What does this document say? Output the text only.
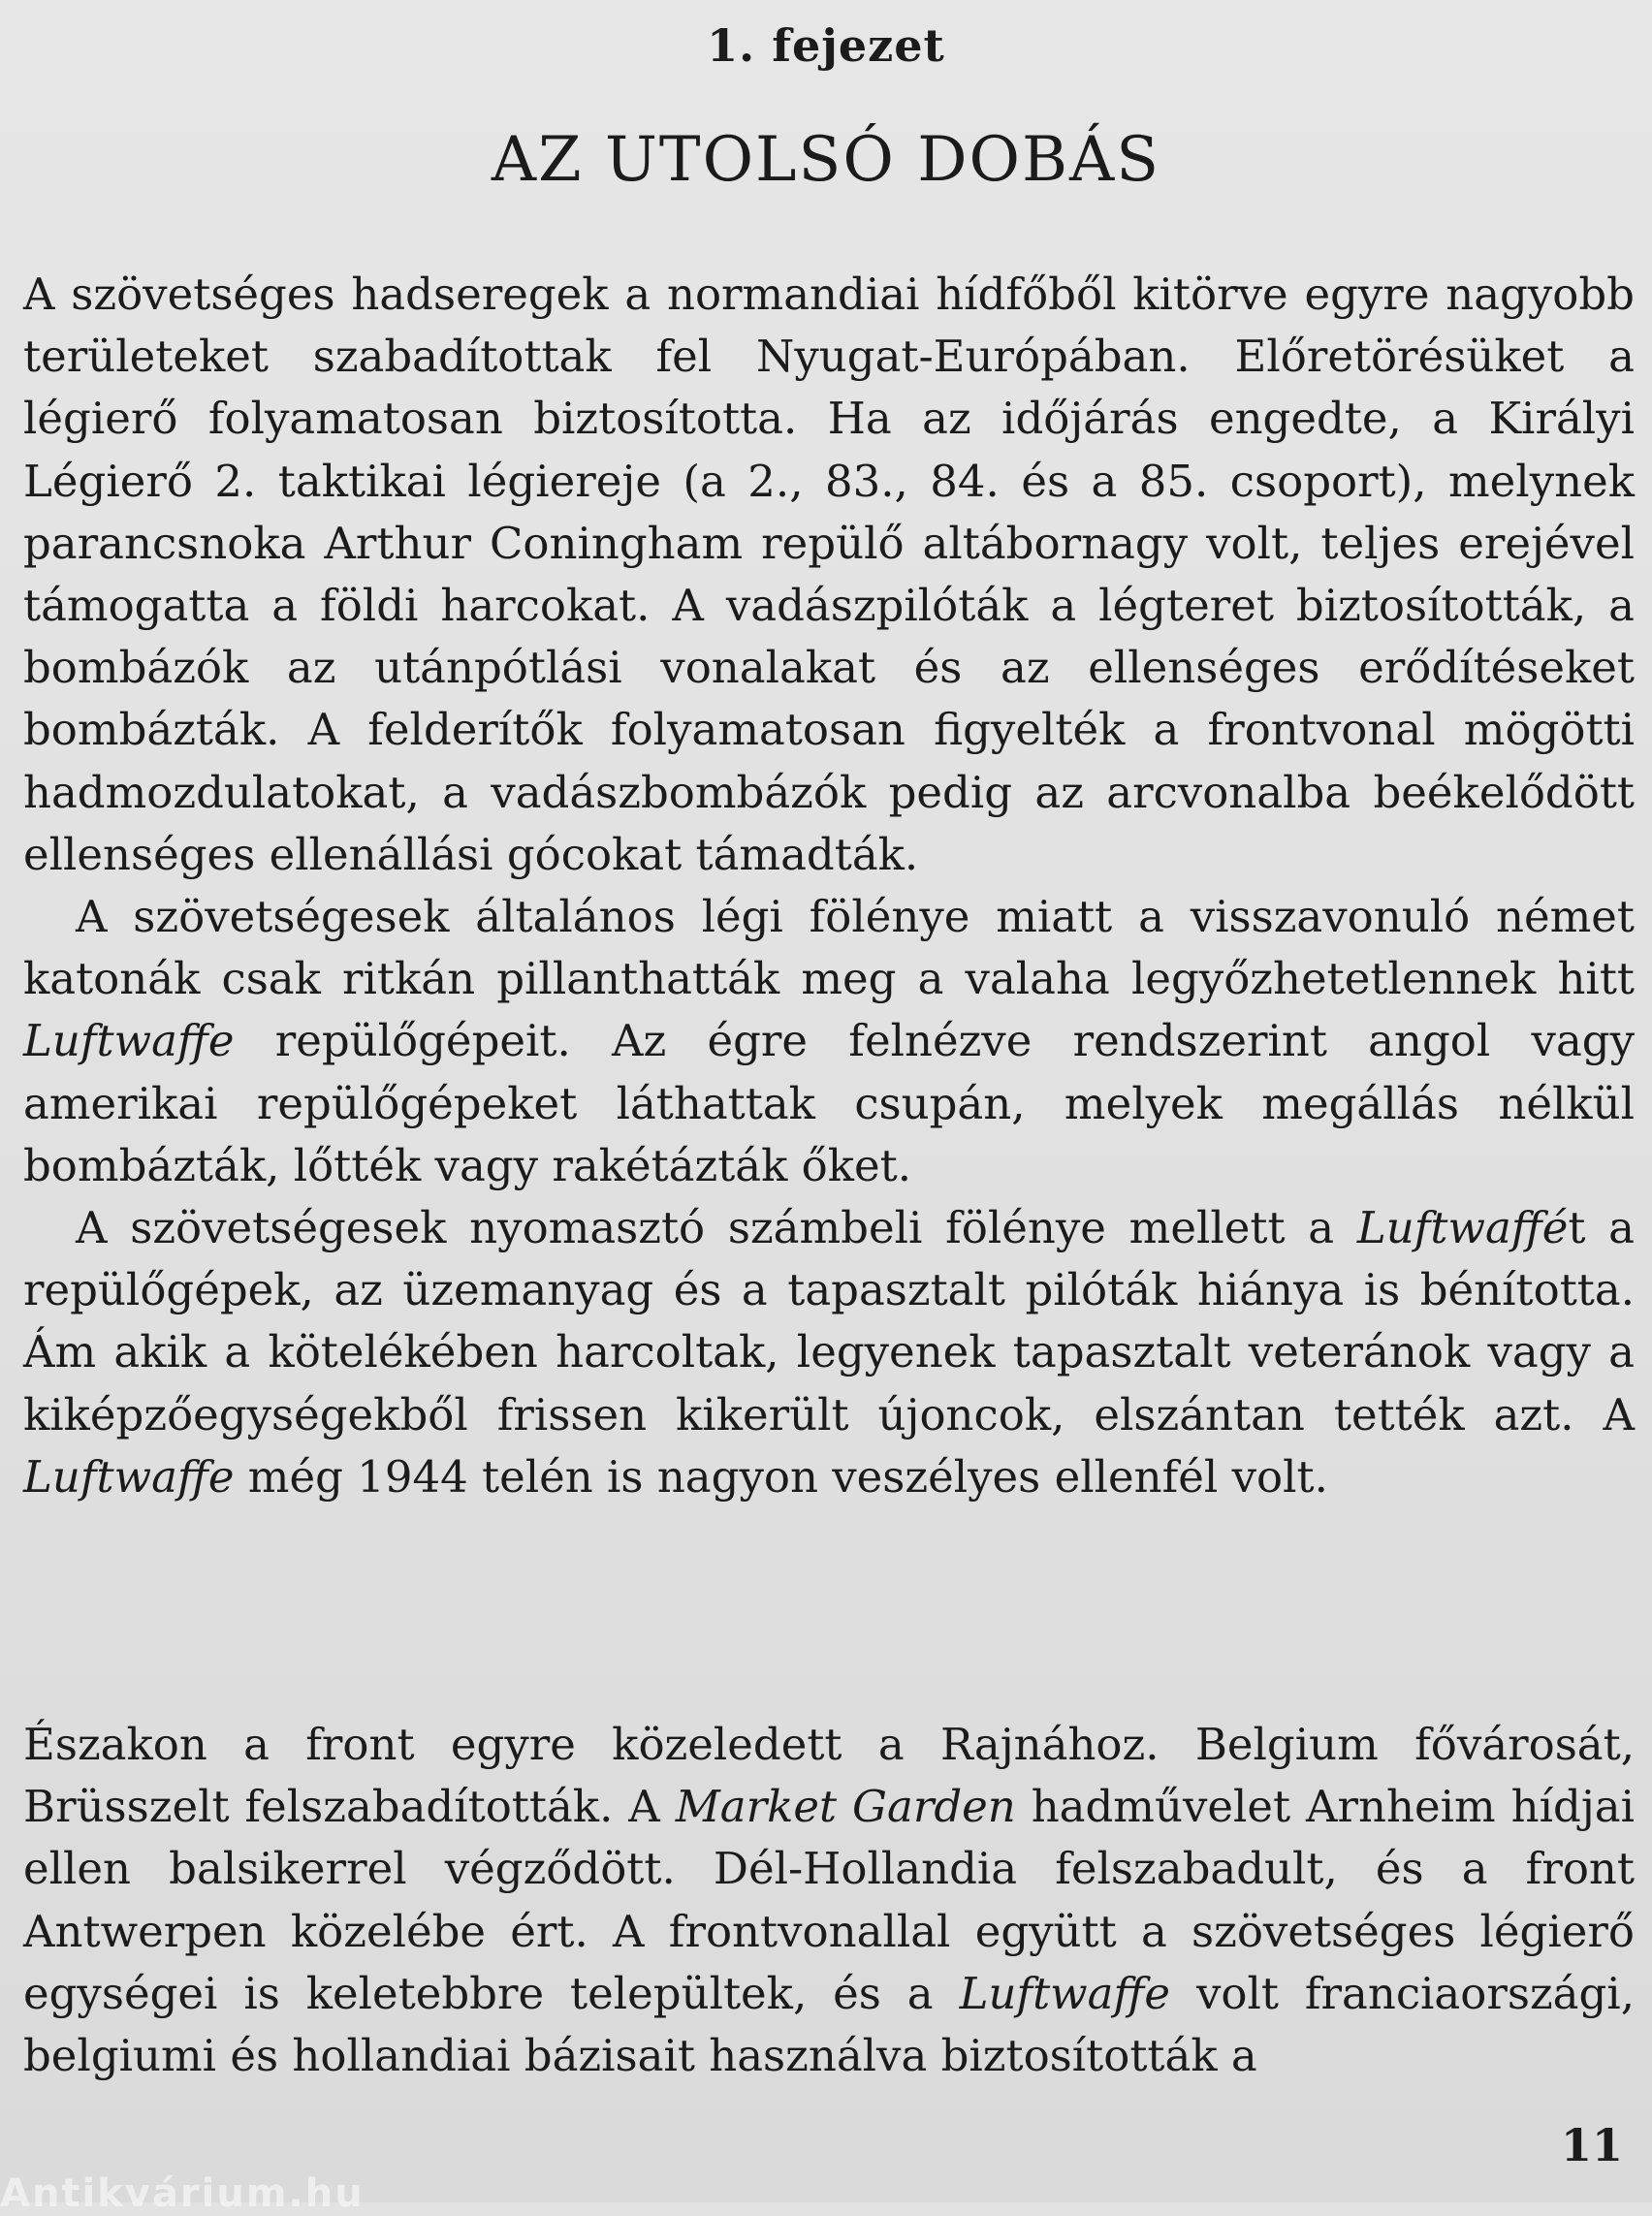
1. fejezet
AZ UTOLSÓ DOBÁS

A szövetséges hadseregek a normandiai hídfőből kitörve egyre nagyobb területeket szabadítottak fel Nyugat-Európában. Előretörésüket a légierő folyamatosan biztosította. Ha az időjárás engedte, a Királyi Légierő 2. taktikai légiereje (a 2., 83., 84. és a 85. csoport), melynek parancsnoka Arthur Coningham repülő altábornagy volt, teljes erejével támogatta a földi harcokat. A vadászpilóták a légteret biztosították, a bombázók az utánpótlási vonalakat és az ellenséges erődítéseket bombázták. A felderítők folyamatosan figyelték a frontvonal mögötti hadmozdulatokat, a vadászbombázók pedig az arcvonalba beékelődött ellenséges ellenállási gócokat támadták.

A szövetségesek általános légi fölénye miatt a visszavonuló német katonák csak ritkán pillanthatták meg a valaha legyőzhetetlennek hitt Luftwaffe repülőgépeit. Az égre felnézve rendszerint angol vagy amerikai repülőgépeket láthattak csupán, melyek megállás nélkül bombázták, lőtték vagy rakétázták őket.

A szövetségesek nyomasztó számbeli fölénye mellett a Luftwaffét a repülőgépek, az üzemanyag és a tapasztalt pilóták hiánya is bénította. Ám akik a kötelékében harcoltak, legyenek tapasztalt veteránok vagy a kiképzőegységekből frissen kikerült újoncok, elszántan tették azt. A Luftwaffe még 1944 telén is nagyon veszélyes ellenfél volt.

Északon a front egyre közeledett a Rajnához. Belgium fővárosát, Brüsszelt felszabadították. A Market Garden hadművelet Arnheim hídjai ellen balsikerrel végződött. Dél-Hollandia felszabadult, és a front Antwerpen közelébe ért. A frontvonallal együtt a szövetséges légierő egységei is keletebbre települtek, és a Luftwaffe volt franciaországi, belgiumi és hollandiai bázisait használva biztosították a

11
Antikvárium.hu
